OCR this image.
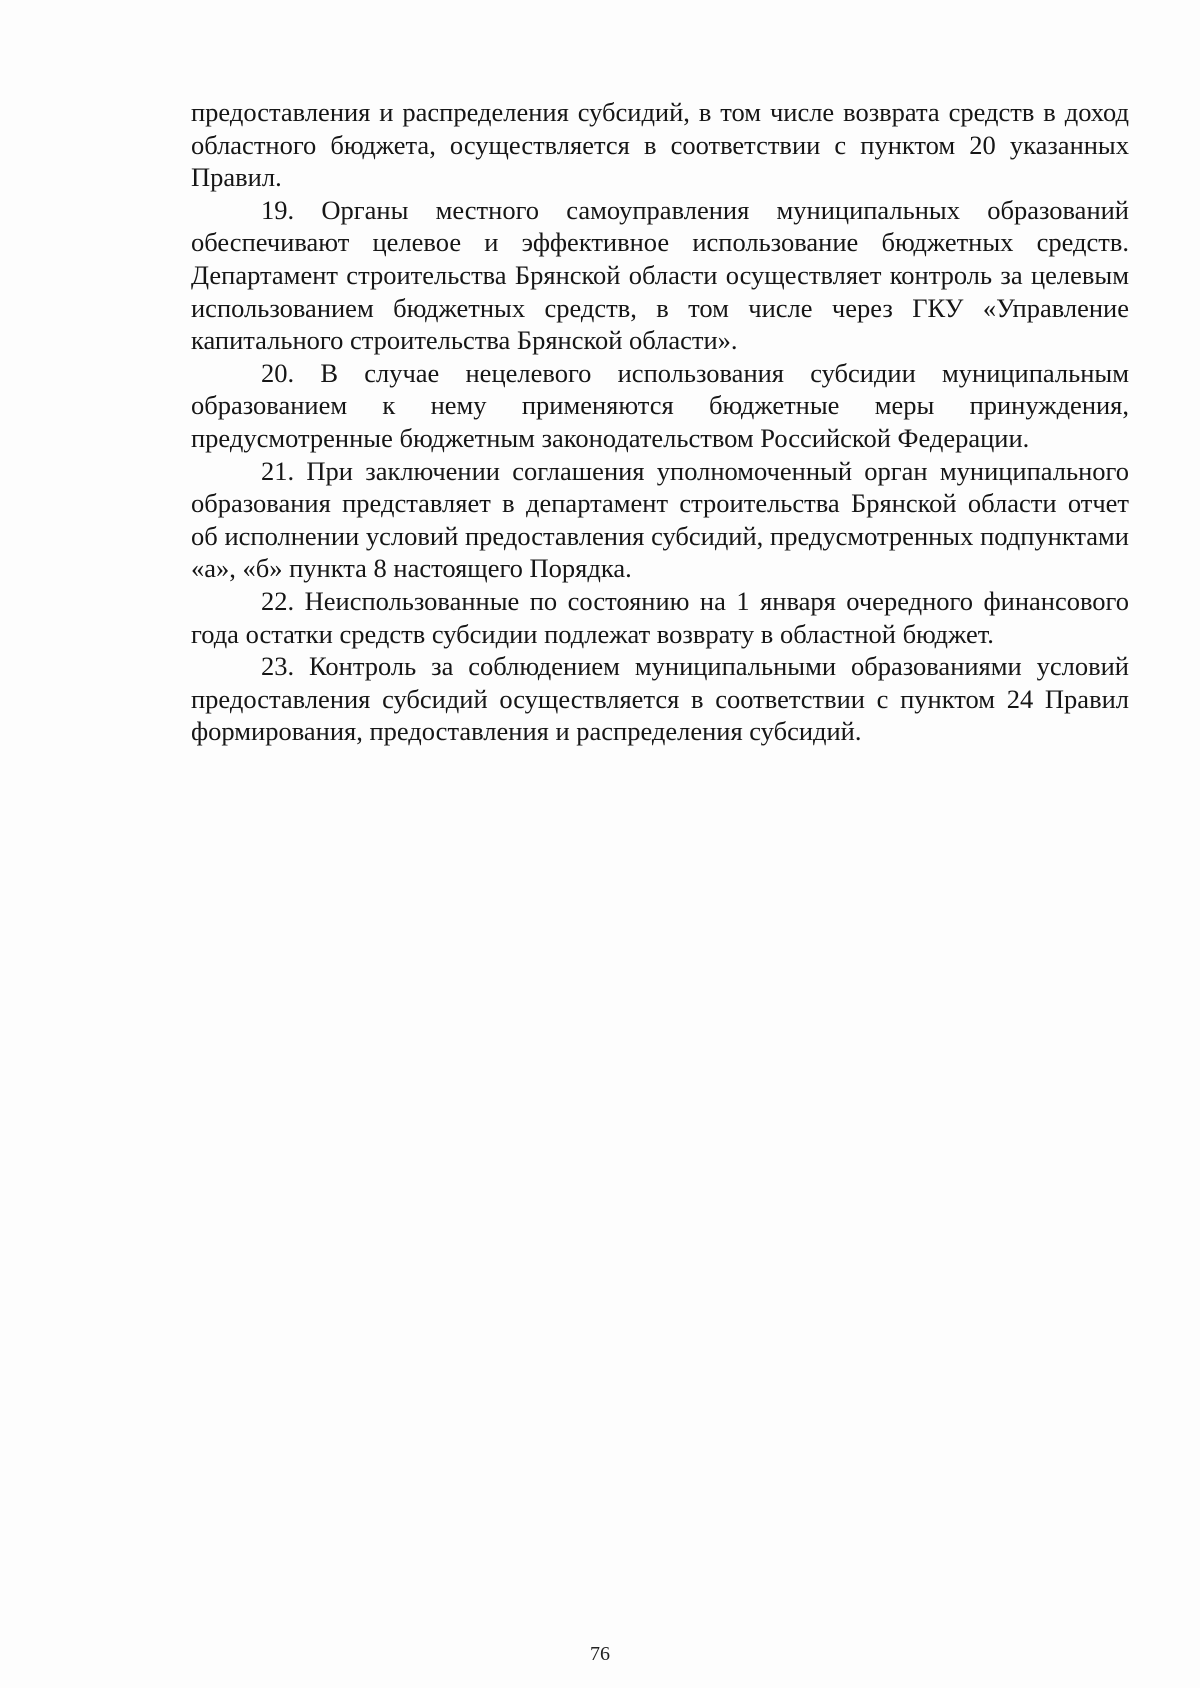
предоставления и распределения субсидий, в том числе возврата средств в доход областного бюджета, осуществляется в соответствии с пунктом 20 указанных Правил.

19. Органы местного самоуправления муниципальных образований обеспечивают целевое и эффективное использование бюджетных средств. Департамент строительства Брянской области осуществляет контроль за целевым использованием бюджетных средств, в том числе через ГКУ «Управление капитального строительства Брянской области».

20. В случае нецелевого использования субсидии муниципальным образованием к нему применяются бюджетные меры принуждения, предусмотренные бюджетным законодательством Российской Федерации.

21. При заключении соглашения уполномоченный орган муниципального образования представляет в департамент строительства Брянской области отчет об исполнении условий предоставления субсидий, предусмотренных подпунктами «а», «б» пункта 8 настоящего Порядка.

22. Неиспользованные по состоянию на 1 января очередного финансового года остатки средств субсидии подлежат возврату в областной бюджет.

23. Контроль за соблюдением муниципальными образованиями условий предоставления субсидий осуществляется в соответствии с пунктом 24 Правил формирования, предоставления и распределения субсидий.

76
